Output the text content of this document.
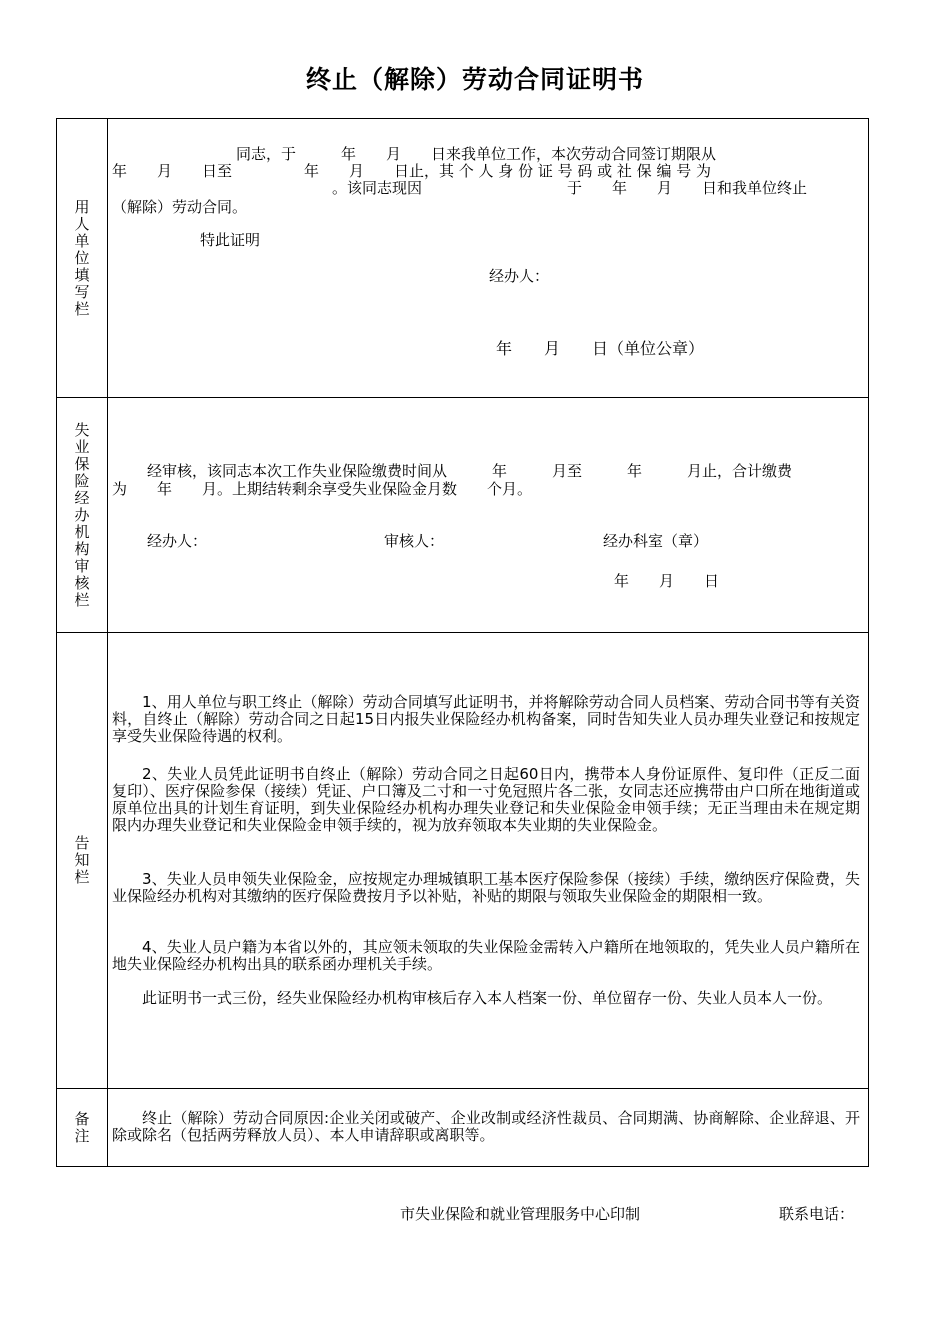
终止（解除）劳动合同证明书
用人单位填写栏
同志，于　　　年　　月　　日来我单位工作，本次劳动合同签订期限从
年　　月　　日至	年　　月　　日止，其 个 人 身 份 证 号 码 或 社 保 编 号 为
。该同志现因	于　　年　　月　　日和我单位终止
（解除）劳动合同。
特此证明
经办人：
年　　月　　日（单位公章）
失业保险经办机构审核栏
经审核，该同志本次工作失业保险缴费时间从　　　年　　　月至　　　年　　　月止，合计缴费
为　　年　　月。上期结转剩余享受失业保险金月数　　个月。
经办人：	审核人：	经办科室（章）
年　　月　　日
告知栏
1、用人单位与职工终止（解除）劳动合同填写此证明书，并将解除劳动合同人员档案、劳动合同书等有关资料，自终止（解除）劳动合同之日起15日内报失业保险经办机构备案，同时告知失业人员办理失业登记和按规定享受失业保险待遇的权利。
2、失业人员凭此证明书自终止（解除）劳动合同之日起60日内，携带本人身份证原件、复印件（正反二面复印）、医疗保险参保（接续）凭证、户口簿及二寸和一寸免冠照片各二张，女同志还应携带由户口所在地街道或原单位出具的计划生育证明，到失业保险经办机构办理失业登记和失业保险金申领手续；无正当理由未在规定期限内办理失业登记和失业保险金申领手续的，视为放弃领取本失业期的失业保险金。
3、失业人员申领失业保险金，应按规定办理城镇职工基本医疗保险参保（接续）手续，缴纳医疗保险费，失业保险经办机构对其缴纳的医疗保险费按月予以补贴，补贴的期限与领取失业保险金的期限相一致。
4、失业人员户籍为本省以外的，其应领未领取的失业保险金需转入户籍所在地领取的，凭失业人员户籍所在地失业保险经办机构出具的联系函办理机关手续。
此证明书一式三份，经失业保险经办机构审核后存入本人档案一份、单位留存一份、失业人员本人一份。
备注
终止（解除）劳动合同原因:企业关闭或破产、企业改制或经济性裁员、合同期满、协商解除、企业辞退、开除或除名（包括两劳释放人员）、本人申请辞职或离职等。
市失业保险和就业管理服务中心印制	联系电话：
